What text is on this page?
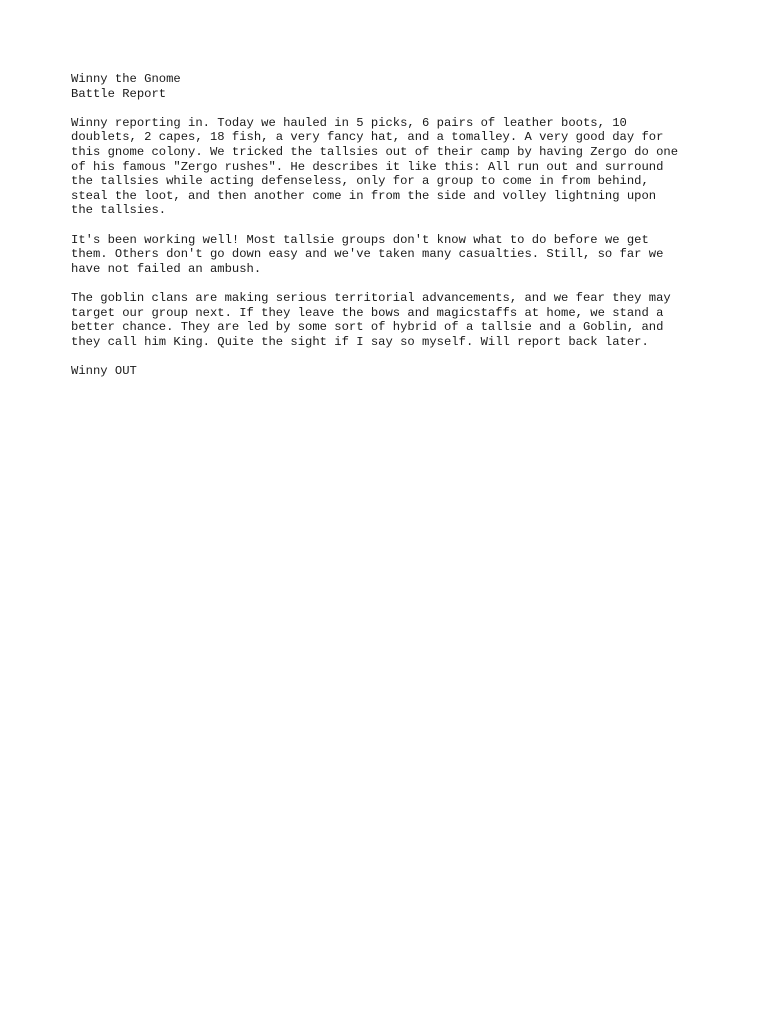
Winny the Gnome
Battle Report
Winny reporting in. Today we hauled in 5 picks, 6 pairs of leather boots, 10
doublets, 2 capes, 18 fish, a very fancy hat, and a tomalley. A very good day for
this gnome colony. We tricked the tallsies out of their camp by having Zergo do one
of his famous "Zergo rushes". He describes it like this: All run out and surround
the tallsies while acting defenseless, only for a group to come in from behind,
steal the loot, and then another come in from the side and volley lightning upon
the tallsies.
It's been working well! Most tallsie groups don't know what to do before we get
them. Others don't go down easy and we've taken many casualties. Still, so far we
have not failed an ambush.
The goblin clans are making serious territorial advancements, and we fear they may
target our group next. If they leave the bows and magicstaffs at home, we stand a
better chance. They are led by some sort of hybrid of a tallsie and a Goblin, and
they call him King. Quite the sight if I say so myself. Will report back later.
Winny OUT
